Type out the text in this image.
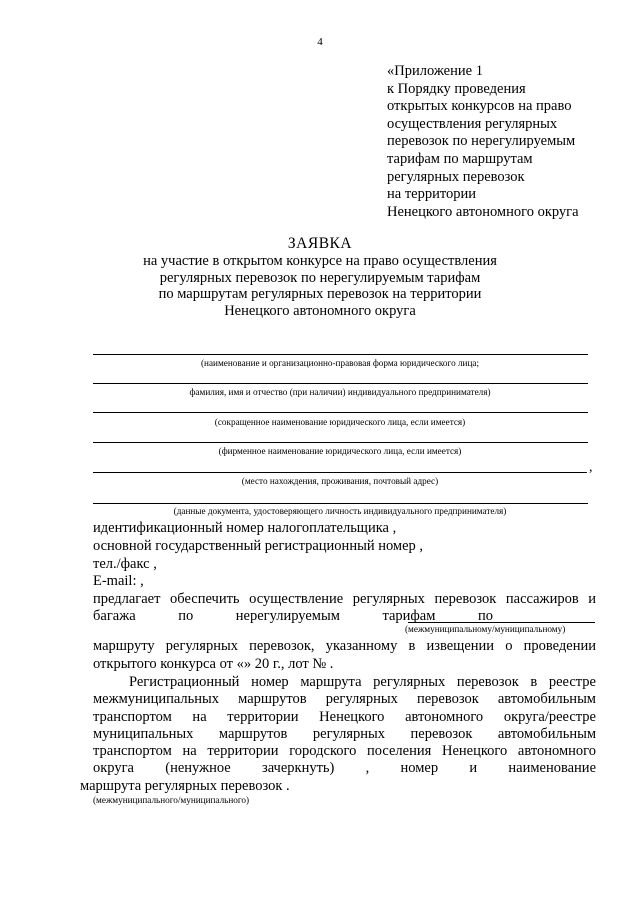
4
«Приложение 1
к Порядку проведения
открытых конкурсов на право
осуществления регулярных
перевозок по нерегулируемым
тарифам по маршрутам
регулярных перевозок
на территории
Ненецкого автономного округа
ЗАЯВКА
на участие в открытом конкурсе на право осуществления
регулярных перевозок по нерегулируемым тарифам
по маршрутам регулярных перевозок на территории
Ненецкого автономного округа
(наименование и организационно-правовая форма юридического лица;
фамилия, имя и отчество (при наличии) индивидуального предпринимателя)
(сокращенное наименование юридического лица, если имеется)
(фирменное наименование юридического лица, если имеется)
,
(место нахождения, проживания, почтовый адрес)
(данные документа, удостоверяющего личность индивидуального предпринимателя)
идентификационный номер налогоплательщика ,
основной государственный регистрационный номер ,
тел./факс ,
E-mail: ,
предлагает обеспечить осуществление регулярных перевозок пассажиров и
багажа	по	нерегулируемым	тарифам	по
(межмуниципальному/муниципальному)
маршруту регулярных перевозок, указанному в извещении о проведении
открытого конкурса от «» 20 г., лот № .
Регистрационный номер маршрута регулярных перевозок в реестре
межмуниципальных маршрутов регулярных перевозок автомобильным
транспортом на территории Ненецкого автономного округа/реестре
муниципальных маршрутов регулярных перевозок автомобильным
транспортом на территории городского поселения Ненецкого автономного
округа (ненужное зачеркнуть) , номер и наименование
маршрута регулярных перевозок .
(межмуниципального/муниципального)
